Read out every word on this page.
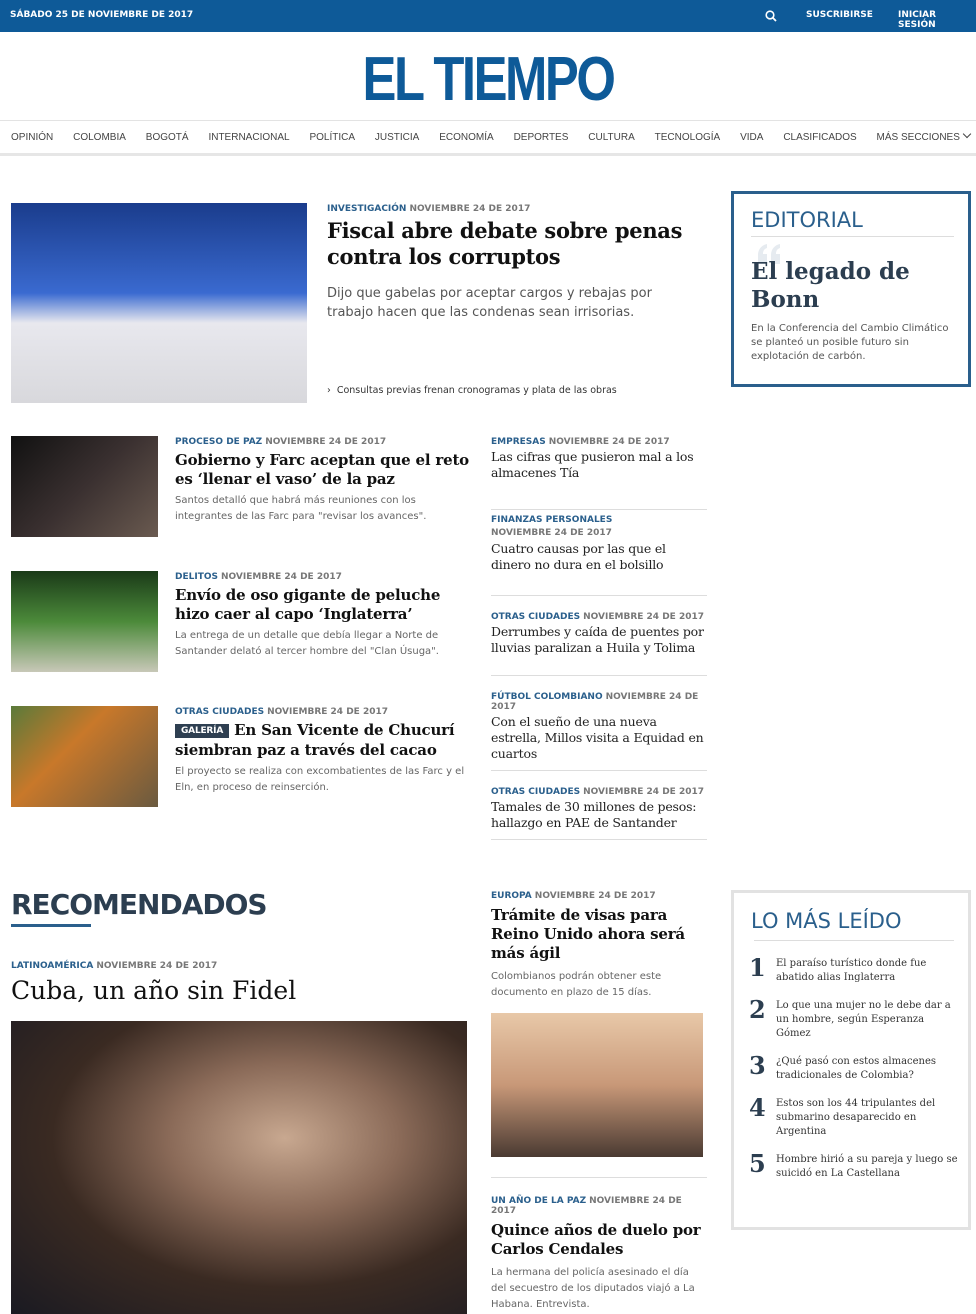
SÁBADO 25 DE NOVIEMBRE DE 2017	SUSCRIBIRSE	INICIAR SESIÓN
EL TIEMPO
OPINIÓN COLOMBIA BOGOTÁ INTERNACIONAL POLÍTICA JUSTICIA ECONOMÍA DEPORTES CULTURA TECNOLOGÍA VIDA CLASIFICADOS MÁS SECCIONES
INVESTIGACIÓN NOVIEMBRE 24 DE 2017
Fiscal abre debate sobre penas contra los corruptos
Dijo que gabelas por aceptar cargos y rebajas por trabajo hacen que las condenas sean irrisorias.
›  Consultas previas frenan cronogramas y plata de las obras
EDITORIAL
El legado de Bonn
En la Conferencia del Cambio Climático se planteó un posible futuro sin explotación de carbón.
PROCESO DE PAZ NOVIEMBRE 24 DE 2017
Gobierno y Farc aceptan que el reto es ‘llenar el vaso’ de la paz
Santos detalló que habrá más reuniones con los integrantes de las Farc para "revisar los avances".
DELITOS NOVIEMBRE 24 DE 2017
Envío de oso gigante de peluche hizo caer al capo ‘Inglaterra’
La entrega de un detalle que debía llegar a Norte de Santander delató al tercer hombre del "Clan Úsuga".
OTRAS CIUDADES NOVIEMBRE 24 DE 2017
GALERÍA En San Vicente de Chucurí siembran paz a través del cacao
El proyecto se realiza con excombatientes de las Farc y el Eln, en proceso de reinserción.
EMPRESAS NOVIEMBRE 24 DE 2017
Las cifras que pusieron mal a los almacenes Tía
FINANZAS PERSONALES
NOVIEMBRE 24 DE 2017
Cuatro causas por las que el dinero no dura en el bolsillo
OTRAS CIUDADES NOVIEMBRE 24 DE 2017
Derrumbes y caída de puentes por lluvias paralizan a Huila y Tolima
FÚTBOL COLOMBIANO NOVIEMBRE 24 DE 2017
Con el sueño de una nueva estrella, Millos visita a Equidad en cuartos
OTRAS CIUDADES NOVIEMBRE 24 DE 2017
Tamales de 30 millones de pesos: hallazgo en PAE de Santander
RECOMENDADOS
LATINOAMÉRICA NOVIEMBRE 24 DE 2017
Cuba, un año sin Fidel
EUROPA NOVIEMBRE 24 DE 2017
Trámite de visas para Reino Unido ahora será más ágil
Colombianos podrán obtener este documento en plazo de 15 días.
UN AÑO DE LA PAZ NOVIEMBRE 24 DE 2017
Quince años de duelo por Carlos Cendales
La hermana del policía asesinado el día del secuestro de los diputados viajó a La Habana. Entrevista.
LO MÁS LEÍDO
1	El paraíso turístico donde fue abatido alias Inglaterra
2	Lo que una mujer no le debe dar a un hombre, según Esperanza Gómez
3	¿Qué pasó con estos almacenes tradicionales de Colombia?
4	Estos son los 44 tripulantes del submarino desaparecido en Argentina
5	Hombre hirió a su pareja y luego se suicidó en La Castellana
